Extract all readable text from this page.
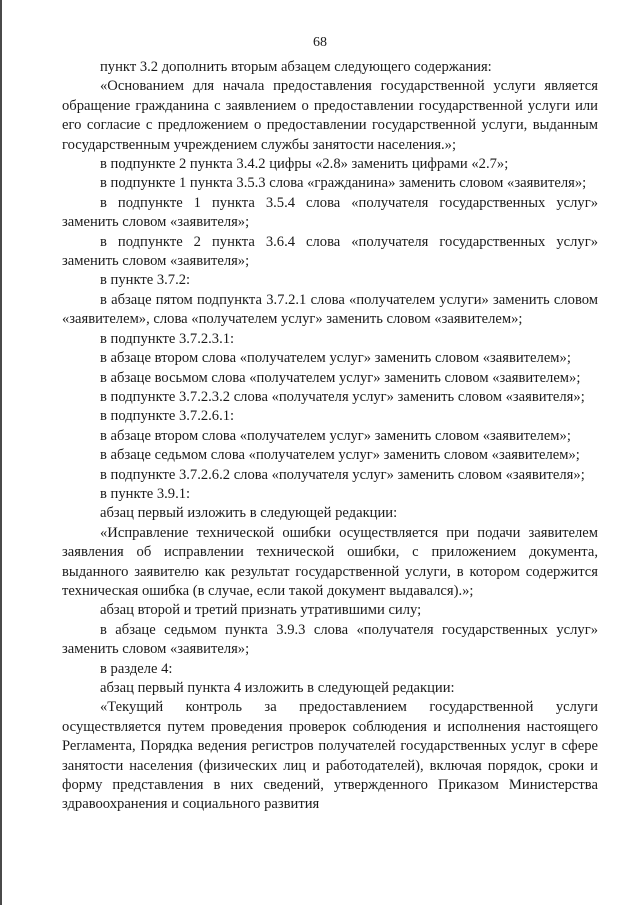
68

пункт 3.2 дополнить вторым абзацем следующего содержания:

«Основанием для начала предоставления государственной услуги является обращение гражданина с заявлением о предоставлении государственной услуги или его согласие с предложением о предоставлении государственной услуги, выданным государственным учреждением службы занятости населения.»;

в подпункте 2 пункта 3.4.2 цифры «2.8» заменить цифрами «2.7»;

в подпункте 1 пункта 3.5.3 слова «гражданина» заменить словом «заявителя»;

в подпункте 1 пункта 3.5.4 слова «получателя государственных услуг» заменить словом «заявителя»;

в подпункте 2 пункта 3.6.4 слова «получателя государственных услуг» заменить словом «заявителя»;

в пункте 3.7.2:

в абзаце пятом подпункта 3.7.2.1 слова «получателем услуги» заменить словом «заявителем», слова «получателем услуг» заменить словом «заявителем»;

в подпункте 3.7.2.3.1:

в абзаце втором слова «получателем услуг» заменить словом «заявителем»;

в абзаце восьмом слова «получателем услуг» заменить словом «заявителем»;

в подпункте 3.7.2.3.2 слова «получателя услуг» заменить словом «заявителя»;

в подпункте 3.7.2.6.1:

в абзаце втором слова «получателем услуг» заменить словом «заявителем»;

в абзаце седьмом слова «получателем услуг» заменить словом «заявителем»;

в подпункте 3.7.2.6.2 слова «получателя услуг» заменить словом «заявителя»;

в пункте 3.9.1:

абзац первый изложить в следующей редакции:

«Исправление технической ошибки осуществляется при подачи заявителем заявления об исправлении технической ошибки, с приложением документа, выданного заявителю как результат государственной услуги, в котором содержится техническая ошибка (в случае, если такой документ выдавался).»;

абзац второй и третий признать утратившими силу;

в абзаце седьмом пункта 3.9.3 слова «получателя государственных услуг» заменить словом «заявителя»;

в разделе 4:

абзац первый пункта 4 изложить в следующей редакции:

«Текущий контроль за предоставлением государственной услуги осуществляется путем проведения проверок соблюдения и исполнения настоящего Регламента, Порядка ведения регистров получателей государственных услуг в сфере занятости населения (физических лиц и работодателей), включая порядок, сроки и форму представления в них сведений, утвержденного Приказом Министерства здравоохранения и социального развития
